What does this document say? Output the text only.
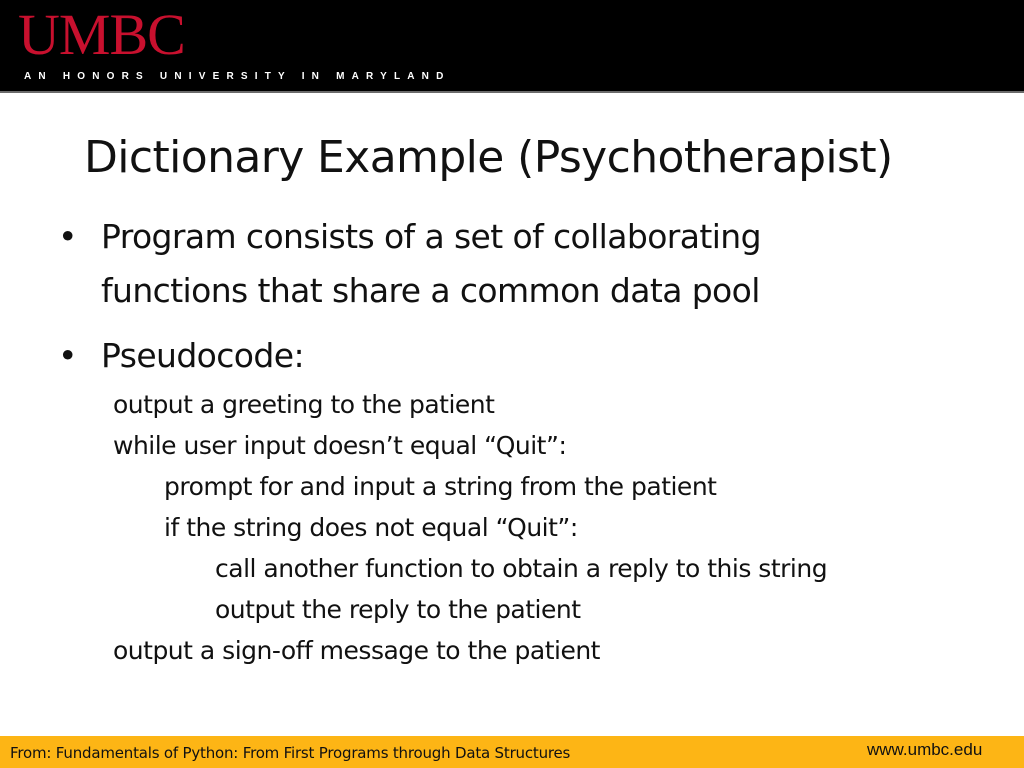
UMBC
AN HONORS UNIVERSITY IN MARYLAND
Dictionary Example (Psychotherapist)
• Program consists of a set of collaborating
functions that share a common data pool
• Pseudocode:
output a greeting to the patient
while user input doesn’t equal “Quit”:
prompt for and input a string from the patient
if the string does not equal “Quit”:
call another function to obtain a reply to this string
output the reply to the patient
output a sign-off message to the patient
From: Fundamentals of Python: From First Programs through Data Structures	www.umbc.edu
